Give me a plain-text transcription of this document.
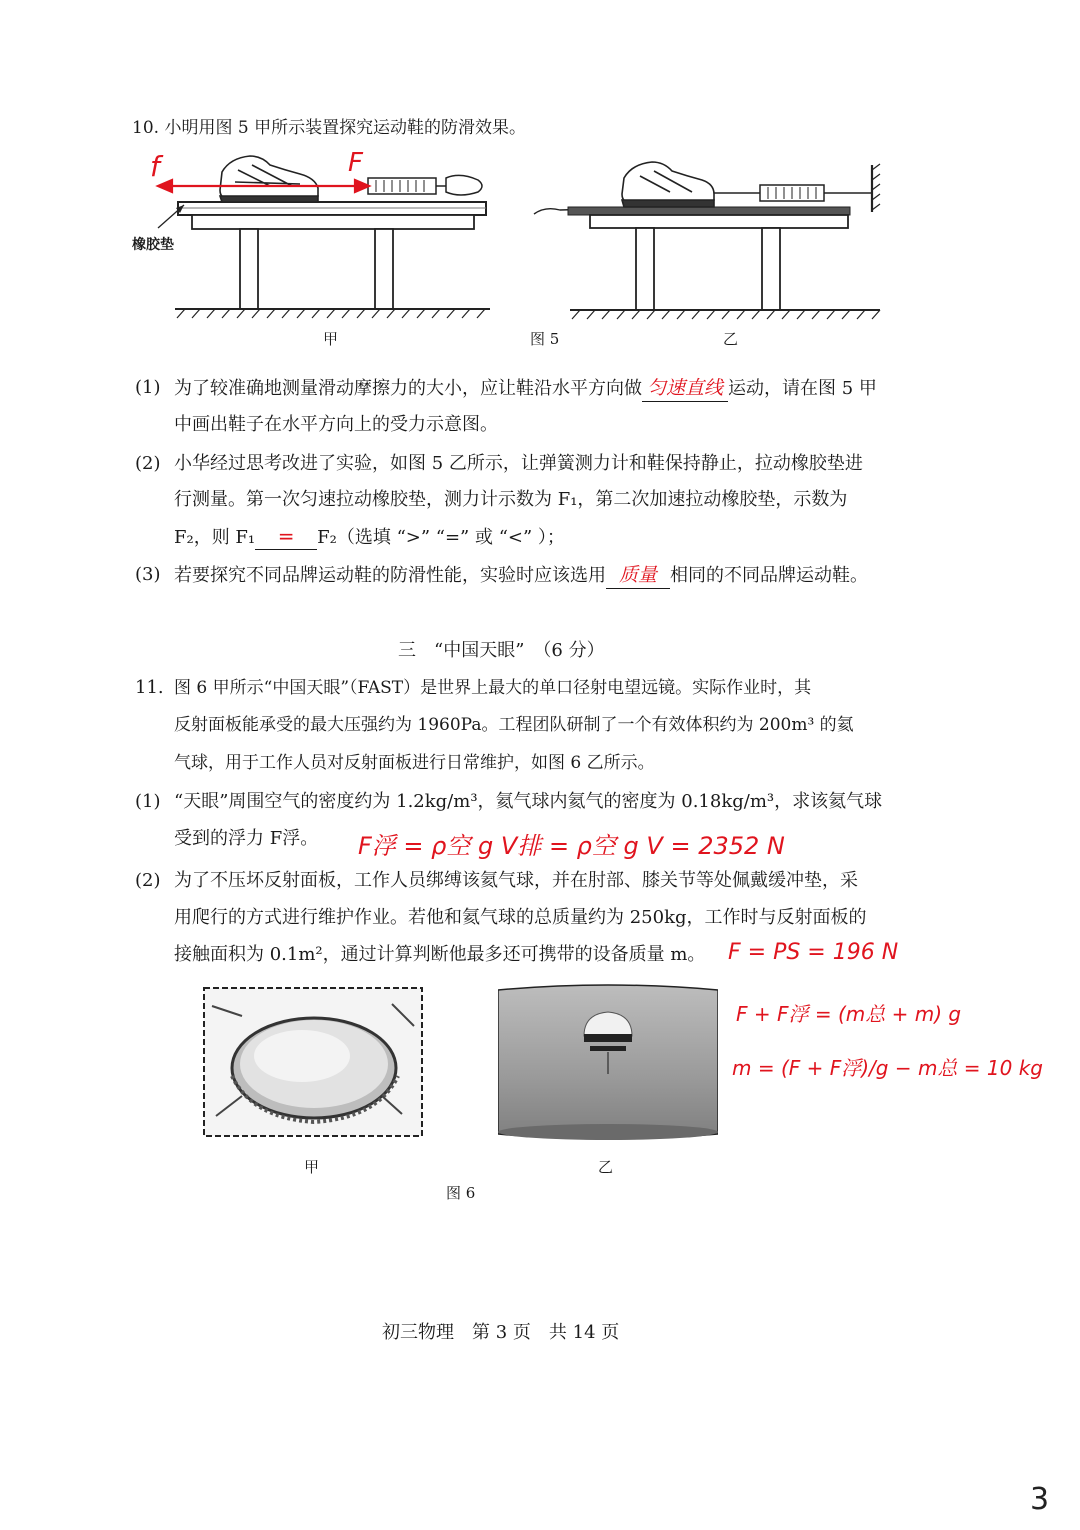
10. 小明用图 5 甲所示装置探究运动鞋的防滑效果。
f	F
橡胶垫
甲	图 5	乙
(1) 为了较准确地测量滑动摩擦力的大小，应让鞋沿水平方向做 匀速直线 运动，请在图 5 甲
中画出鞋子在水平方向上的受力示意图。
(2) 小华经过思考改进了实验，如图 5 乙所示，让弹簧测力计和鞋保持静止，拉动橡胶垫进
行测量。第一次匀速拉动橡胶垫，测力计示数为 F₁，第二次加速拉动橡胶垫，示数为
F₂，则 F₁ = F₂（选填 “>” “=” 或 “<” ）；
(3) 若要探究不同品牌运动鞋的防滑性能，实验时应该选用 质量 相同的不同品牌运动鞋。
三　“中国天眼”　（6 分）
11. 图 6 甲所示“中国天眼”（FAST）是世界上最大的单口径射电望远镜。实际作业时，其
反射面板能承受的最大压强约为 1960Pa。工程团队研制了一个有效体积约为 200m³ 的氦
气球，用于工作人员对反射面板进行日常维护，如图 6 乙所示。
(1) “天眼”周围空气的密度约为 1.2kg/m³，氦气球内氦气的密度为 0.18kg/m³，求该氦气球
受到的浮力 F浮。 F浮 = ρ空 g V排 = ρ空 g V = 2352 N
(2) 为了不压坏反射面板，工作人员绑缚该氦气球，并在肘部、膝关节等处佩戴缓冲垫，采
用爬行的方式进行维护作业。若他和氦气球的总质量约为 250kg，工作时与反射面板的
接触面积为 0.1m²，通过计算判断他最多还可携带的设备质量 m。 F = PS = 196 N
F + F浮 = (m总 + m) g
m = (F + F浮)/g − m总 = 10 kg
甲	乙
图 6
初三物理　第 3 页　共 14 页
3
